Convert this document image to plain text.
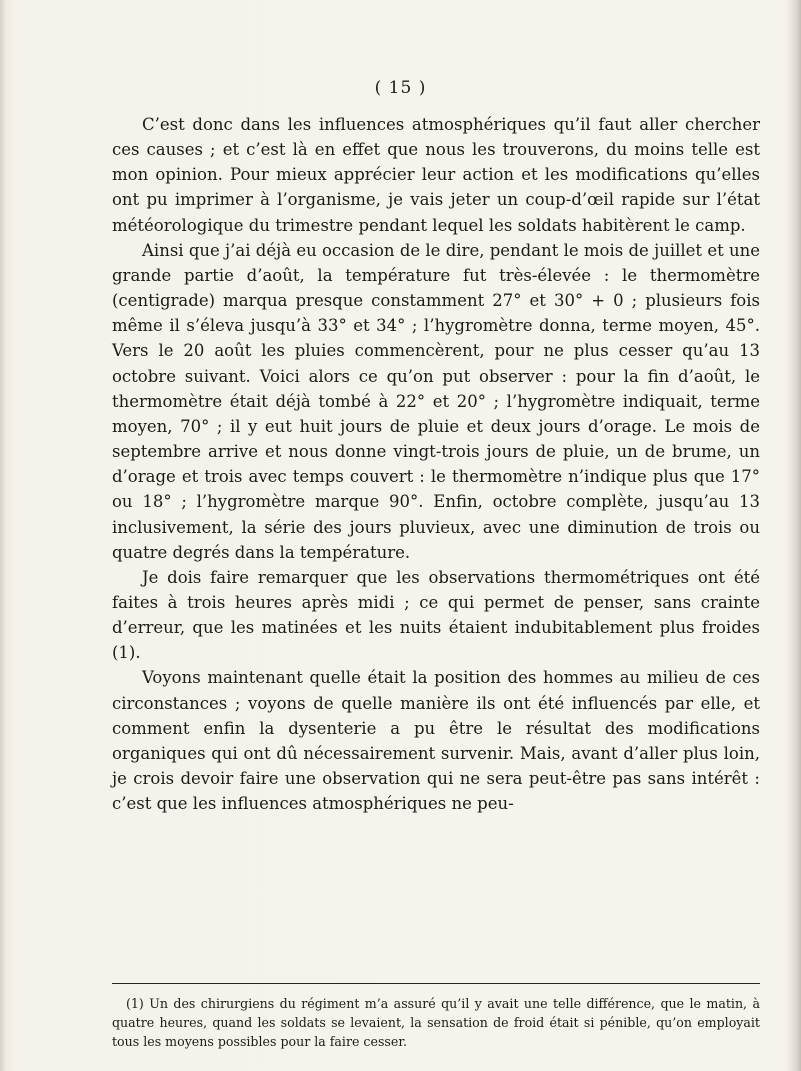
( 15 )

C’est donc dans les influences atmosphériques qu’il faut aller chercher ces causes ; et c’est là en effet que nous les trouverons, du moins telle est mon opinion. Pour mieux apprécier leur action et les modifications qu’elles ont pu imprimer à l’organisme, je vais jeter un coup-d’œil rapide sur l’état météorologique du trimestre pendant lequel les soldats habitèrent le camp.

Ainsi que j’ai déjà eu occasion de le dire, pendant le mois de juillet et une grande partie d’août, la température fut très-élevée : le thermomètre (centigrade) marqua presque constamment 27° et 30° + 0 ; plusieurs fois même il s’éleva jusqu’à 33° et 34° ; l’hygromètre donna, terme moyen, 45°. Vers le 20 août les pluies commencèrent, pour ne plus cesser qu’au 13 octobre suivant. Voici alors ce qu’on put observer : pour la fin d’août, le thermomètre était déjà tombé à 22° et 20° ; l’hygromètre indiquait, terme moyen, 70° ; il y eut huit jours de pluie et deux jours d’orage. Le mois de septembre arrive et nous donne vingt-trois jours de pluie, un de brume, un d’orage et trois avec temps couvert : le thermomètre n’indique plus que 17° ou 18° ; l’hygromètre marque 90°. Enfin, octobre complète, jusqu’au 13 inclusivement, la série des jours pluvieux, avec une diminution de trois ou quatre degrés dans la température.

Je dois faire remarquer que les observations thermométriques ont été faites à trois heures après midi ; ce qui permet de penser, sans crainte d’erreur, que les matinées et les nuits étaient indubitablement plus froides (1).

Voyons maintenant quelle était la position des hommes au milieu de ces circonstances ; voyons de quelle manière ils ont été influencés par elle, et comment enfin la dysenterie a pu être le résultat des modifications organiques qui ont dû nécessairement survenir. Mais, avant d’aller plus loin, je crois devoir faire une observation qui ne sera peut-être pas sans intérêt : c’est que les influences atmosphériques ne peu-

(1) Un des chirurgiens du régiment m’a assuré qu’il y avait une telle différence, que le matin, à quatre heures, quand les soldats se levaient, la sensation de froid était si pénible, qu’on employait tous les moyens possibles pour la faire cesser.
